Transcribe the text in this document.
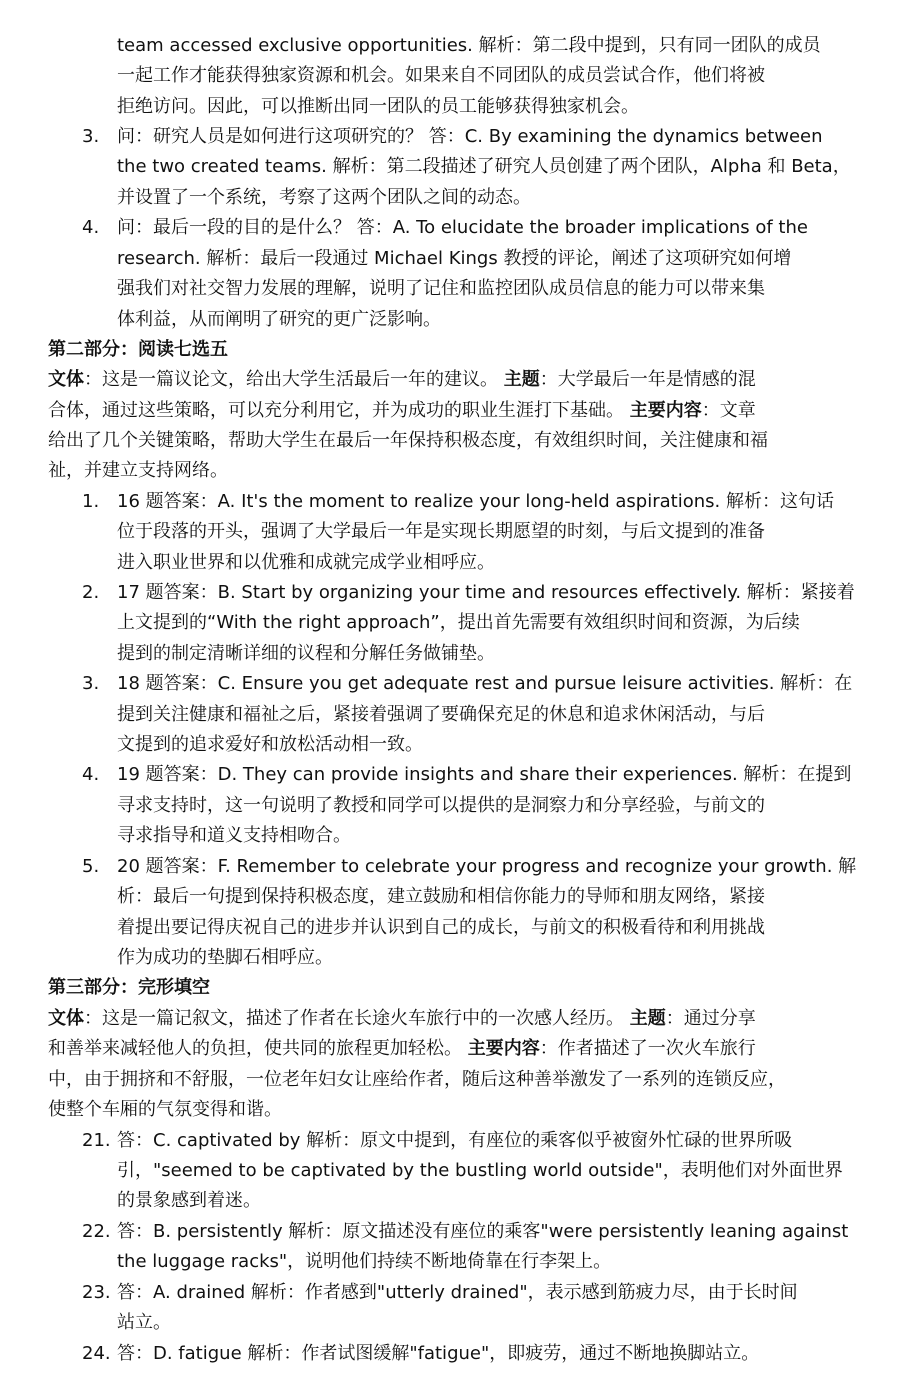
team accessed exclusive opportunities. 解析：第二段中提到，只有同一团队的成员
一起工作才能获得独家资源和机会。如果来自不同团队的成员尝试合作，他们将被
拒绝访问。因此，可以推断出同一团队的员工能够获得独家机会。
3. 问：研究人员是如何进行这项研究的？ 答：C. By examining the dynamics between
the two created teams. 解析：第二段描述了研究人员创建了两个团队，Alpha 和 Beta，
并设置了一个系统，考察了这两个团队之间的动态。
4. 问：最后一段的目的是什么？ 答：A. To elucidate the broader implications of the
research. 解析：最后一段通过 Michael Kings 教授的评论，阐述了这项研究如何增
强我们对社交智力发展的理解，说明了记住和监控团队成员信息的能力可以带来集
体利益，从而阐明了研究的更广泛影响。
第二部分：阅读七选五
文体：这是一篇议论文，给出大学生活最后一年的建议。 主题：大学最后一年是情感的混
合体，通过这些策略，可以充分利用它，并为成功的职业生涯打下基础。 主要内容：文章
给出了几个关键策略，帮助大学生在最后一年保持积极态度，有效组织时间，关注健康和福
祉，并建立支持网络。
1. 16 题答案：A. It's the moment to realize your long-held aspirations. 解析：这句话
位于段落的开头，强调了大学最后一年是实现长期愿望的时刻，与后文提到的准备
进入职业世界和以优雅和成就完成学业相呼应。
2. 17 题答案：B. Start by organizing your time and resources effectively. 解析：紧接着
上文提到的“With the right approach”，提出首先需要有效组织时间和资源，为后续
提到的制定清晰详细的议程和分解任务做铺垫。
3. 18 题答案：C. Ensure you get adequate rest and pursue leisure activities. 解析：在
提到关注健康和福祉之后，紧接着强调了要确保充足的休息和追求休闲活动，与后
文提到的追求爱好和放松活动相一致。
4. 19 题答案：D. They can provide insights and share their experiences. 解析：在提到
寻求支持时，这一句说明了教授和同学可以提供的是洞察力和分享经验，与前文的
寻求指导和道义支持相吻合。
5. 20 题答案：F. Remember to celebrate your progress and recognize your growth. 解
析：最后一句提到保持积极态度，建立鼓励和相信你能力的导师和朋友网络，紧接
着提出要记得庆祝自己的进步并认识到自己的成长，与前文的积极看待和利用挑战
作为成功的垫脚石相呼应。
第三部分：完形填空
文体：这是一篇记叙文，描述了作者在长途火车旅行中的一次感人经历。 主题：通过分享
和善举来减轻他人的负担，使共同的旅程更加轻松。 主要内容：作者描述了一次火车旅行
中，由于拥挤和不舒服，一位老年妇女让座给作者，随后这种善举激发了一系列的连锁反应，
使整个车厢的气氛变得和谐。
21. 答：C. captivated by 解析：原文中提到，有座位的乘客似乎被窗外忙碌的世界所吸
引，"seemed to be captivated by the bustling world outside"，表明他们对外面世界
的景象感到着迷。
22. 答：B. persistently 解析：原文描述没有座位的乘客"were persistently leaning against
the luggage racks"，说明他们持续不断地倚靠在行李架上。
23. 答：A. drained 解析：作者感到"utterly drained"，表示感到筋疲力尽，由于长时间
站立。
24. 答：D. fatigue 解析：作者试图缓解"fatigue"，即疲劳，通过不断地换脚站立。
